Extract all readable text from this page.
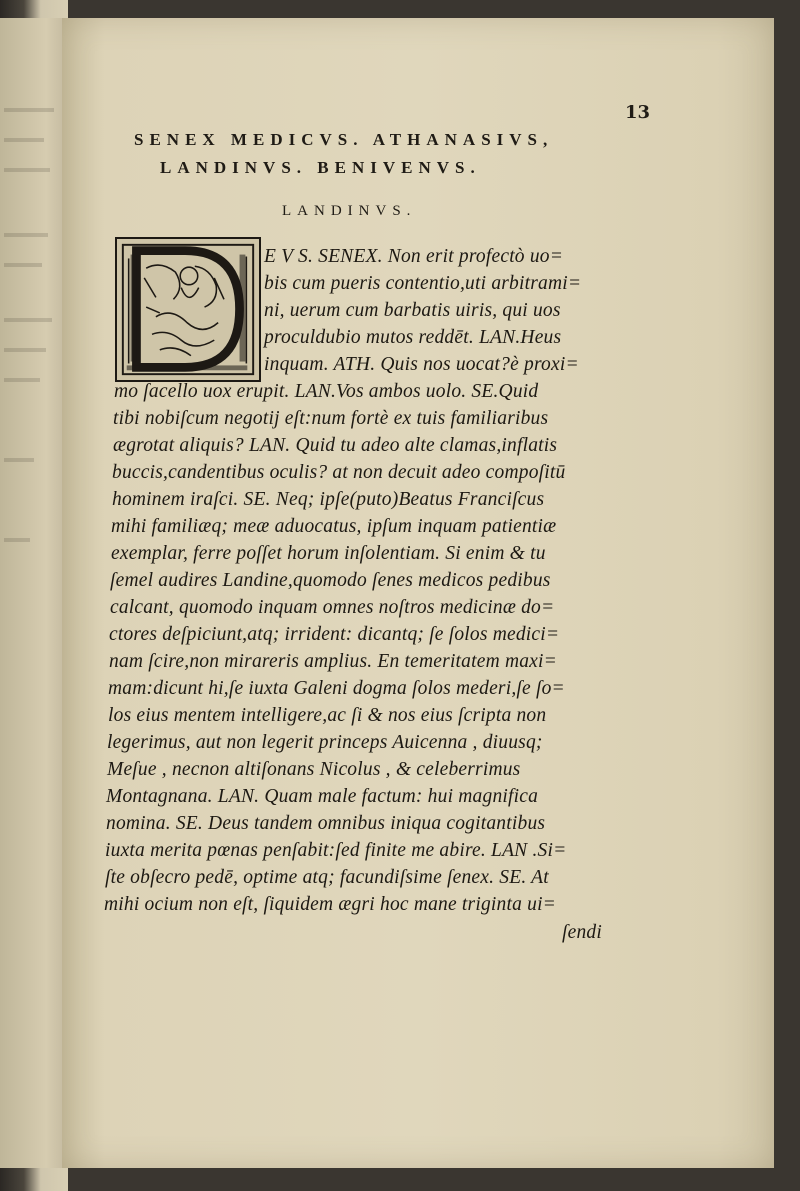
13
SENEX MEDICVS. ATHANASIVS,
LANDINVS. BENIVENVS.
LANDINVS.
E V S. SENEX. Non erit profectò uo=
bis cum pueris contentio,uti arbitrami=
ni, uerum cum barbatis uiris, qui uos
proculdubio mutos reddēt. LAN.Heus
inquam. ATH. Quis nos uocat?è proxi=
mo ſacello uox erupit. LAN.Vos ambos uolo. SE.Quid
tibi nobiſcum negotij eſt:num fortè ex tuis familiaribus
ægrotat aliquis? LAN. Quid tu adeo alte clamas,inflatis
buccis,candentibus oculis? at non decuit adeo compoſitū
hominem iraſci. SE. Neq; ipſe(puto)Beatus Franciſcus
mihi familiæq; meæ aduocatus, ipſum inquam patientiæ
exemplar, ferre poſſet horum inſolentiam. Si enim & tu
ſemel audires Landine,quomodo ſenes medicos pedibus
calcant, quomodo inquam omnes noſtros medicinæ do=
ctores deſpiciunt,atq; irrident: dicantq; ſe ſolos medici=
nam ſcire,non mirareris amplius. En temeritatem maxi=
mam:dicunt hi,ſe iuxta Galeni dogma ſolos mederi,ſe ſo=
los eius mentem intelligere,ac ſi & nos eius ſcripta non
legerimus, aut non legerit princeps Auicenna , diuusq;
Meſue , necnon altiſonans Nicolus , & celeberrimus
Montagnana. LAN. Quam male factum: hui magnifica
nomina. SE. Deus tandem omnibus iniqua cogitantibus
iuxta merita pœnas penſabit:ſed finite me abire. LAN .Si=
ſte obſecro pedē, optime atq; facundiſsime ſenex. SE. At
mihi ocium non eſt, ſiquidem ægri hoc mane triginta ui=
ſendi
